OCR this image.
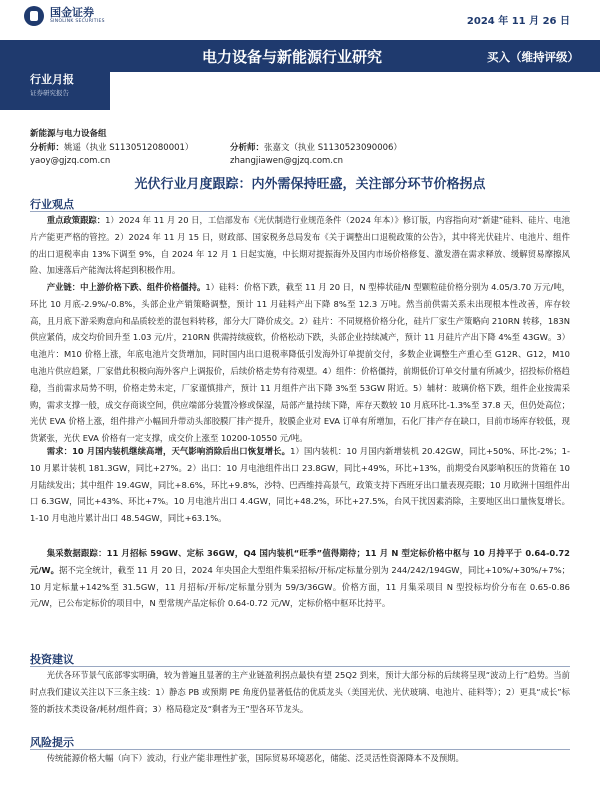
国金证券
SINOLINK SECURITIES	2024 年 11 月 26 日
行业月报
证券研究报告
电力设备与新能源行业研究	买入（维持评级）
新能源与电力设备组
分析师：姚遥（执业 S1130512080001）
yaoy@gjzq.com.cn
分析师：张嘉文（执业 S1130523090006）
zhangjiawen@gjzq.com.cn
光伏行业月度跟踪：内外需保持旺盛，关注部分环节价格拐点
行业观点

重点政策跟踪：1）2024 年 11 月 20 日，工信部发布《光伏制造行业规范条件（2024 年本）》修订版，内容指向对“新建”硅料、硅片、电池片产能更严格的管控。2）2024 年 11 月 15 日，财政部、国家税务总局发布《关于调整出口退税政策的公告》，其中将光伏硅片、电池片、组件的出口退税率由 13%下调至 9%，自 2024 年 12 月 1 日起实施，中长期对提振海外及国内市场价格修复、激发潜在需求释放、缓解贸易摩擦风险、加速落后产能淘汰将起到积极作用。

产业链：中上游价格下跌、组件价格僵持。1）硅料：价格下跌，截至 11 月 20 日，N 型棒状硅/N 型颗粒硅价格分别为 4.05/3.70 万元/吨，环比 10 月底-2.9%/-0.8%，头部企业产销策略调整，预计 11 月硅料产出下降 8%至 12.3 万吨。然当前供需关系未出现根本性改善，库存较高，且月底下游采购意向和品质较差的混包料转移，部分大厂降价成交。2）硅片：不同规格价格分化，硅片厂家生产策略向 210RN 转移，183N 供应紧俏，成交均价回升至 1.03 元/片，210RN 供需持续疲软，价格松动下跌，头部企业持续减产，预计 11 月硅片产出下降 4%至 43GW。3）电池片：M10 价格上涨，年底电池片交货增加，同时国内出口退税率降低引发海外订单提前交付，多数企业调整生产重心至 G12R、G12，M10 电池片供应趋紧，厂家借此积极向海外客户上调报价，后续价格走势有待观望。4）组件：价格僵持，前期低价订单交付量有所减少，招投标价格趋稳，当前需求局势不明，价格走势未定，厂家谨慎排产，预计 11 月组件产出下降 3%至 53GW 附近。5）辅材：玻璃价格下跌，组件企业按需采购，需求支撑一般，成交存商谈空间，供应端部分装置冷修或保湿，局部产量持续下降，库存天数较 10 月底环比-1.3%至 37.8 天，但仍处高位；光伏 EVA 价格上涨，组件排产小幅回升带动头部胶膜厂排产提升，胶膜企业对 EVA 订单有所增加，石化厂排产存在缺口，目前市场库存较低，现货紧张，光伏 EVA 价格有一定支撑，成交价上涨至 10200-10550 元/吨。

需求：10 月国内装机继续高增，天气影响消除后出口恢复增长。1）国内装机：10 月国内新增装机 20.42GW，同比+50%、环比-2%；1-10 月累计装机 181.3GW，同比+27%。2）出口：10 月电池组件出口 23.8GW，同比+49%，环比+13%，前期受台风影响积压的货箱在 10 月陆续发出；其中组件 19.4GW，同比+8.6%，环比+9.8%，沙特、巴西维持高景气，政策支持下西班牙出口量表现亮眼；10 月欧洲十国组件出口 6.3GW，同比+43%、环比+7%。10 月电池片出口 4.4GW，同比+48.2%，环比+27.5%，台风干扰因素消除，主要地区出口量恢复增长。1-10 月电池片累计出口 48.54GW，同比+63.1%。

集采数据跟踪：11 月招标 59GW、定标 36GW，Q4 国内装机“旺季”值得期待；11 月 N 型定标价格中枢与 10 月持平于 0.64-0.72 元/W。据不完全统计，截至 11 月 20 日，2024 年央国企大型组件集采招标/开标/定标量分别为 244/242/194GW，同比+10%/+30%/+7%；10 月定标量+142%至 31.5GW，11 月招标/开标/定标量分别为 59/3/36GW。价格方面，11 月集采项目 N 型投标均价分布在 0.65-0.86 元/W，已公布定标价的项目中，N 型常规产品定标价 0.64-0.72 元/W，定标价格中枢环比持平。

投资建议

光伏各环节景气底部零实明确，较为普遍且显著的主产业链盈利拐点最快有望 25Q2 到来，预计大部分标的后续将呈现“波动上行”趋势。当前时点我们建议关注以下三条主线：1）静态 PB 或预期 PE 角度仍显著低估的优质龙头（美国光伏、光伏玻璃、电池片、硅料等）；2）更具“成长”标签的新技术类设备/耗材/组件商；3）格局稳定及“剩者为王”型各环节龙头。

风险提示

传统能源价格大幅（向下）波动，行业产能非理性扩张，国际贸易环境恶化，储能、泛灵活性资源降本不及预期。
